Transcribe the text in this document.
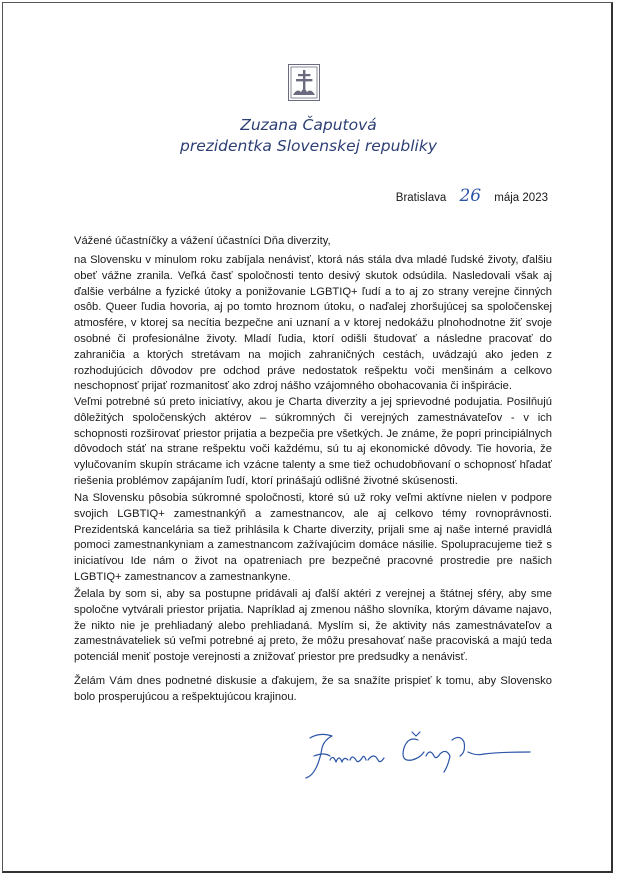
Zuzana Čaputová
prezidentka Slovenskej republiky
Bratislava 26	mája 2023
Vážené účastníčky a vážení účastníci Dňa diverzity,

na Slovensku v minulom roku zabíjala nenávisť, ktorá nás stála dva mladé ľudské životy, ďalšiu obeť vážne zranila. Veľká časť spoločnosti tento desivý skutok odsúdila. Nasledovali však aj ďalšie verbálne a fyzické útoky a ponižovanie LGBTIQ+ ľudí a to aj zo strany verejne činných osôb. Queer ľudia hovoria, aj po tomto hroznom útoku, o naďalej zhoršujúcej sa spoločenskej atmosfére, v ktorej sa necítia bezpečne ani uznaní a v ktorej nedokážu plnohodnotne žiť svoje osobné či profesionálne životy. Mladí ľudia, ktorí odišli študovať a následne pracovať do zahraničia a ktorých stretávam na mojich zahraničných cestách, uvádzajú ako jeden z rozhodujúcich dôvodov pre odchod práve nedostatok rešpektu voči menšinám a celkovo neschopnosť prijať rozmanitosť ako zdroj nášho vzájomného obohacovania či inšpirácie.

Veľmi potrebné sú preto iniciatívy, akou je Charta diverzity a jej sprievodné podujatia. Posilňujú dôležitých spoločenských aktérov – súkromných či verejných zamestnávateľov - v ich schopnosti rozširovať priestor prijatia a bezpečia pre všetkých. Je známe, že popri principiálnych dôvodoch stáť na strane rešpektu voči každému, sú tu aj ekonomické dôvody. Tie hovoria, že vylučovaním skupín strácame ich vzácne talenty a sme tiež ochudobňovaní o schopnosť hľadať riešenia problémov zapájaním ľudí, ktorí prinášajú odlišné životné skúsenosti.

Na Slovensku pôsobia súkromné spoločnosti, ktoré sú už roky veľmi aktívne nielen v podpore svojich LGBTIQ+ zamestnankýň a zamestnancov, ale aj celkovo témy rovnoprávnosti. Prezidentská kancelária sa tiež prihlásila k Charte diverzity, prijali sme aj naše interné pravidlá pomoci zamestnankyniam a zamestnancom zažívajúcim domáce násilie. Spolupracujeme tiež s iniciatívou Ide nám o život na opatreniach pre bezpečné pracovné prostredie pre našich LGBTIQ+ zamestnancov a zamestnankyne.

Želala by som si, aby sa postupne pridávali aj ďalší aktéri z verejnej a štátnej sféry, aby sme spoločne vytvárali priestor prijatia. Napríklad aj zmenou nášho slovníka, ktorým dávame najavo, že nikto nie je prehliadaný alebo prehliadaná. Myslím si, že aktivity nás zamestnávateľov a zamestnávateliek sú veľmi potrebné aj preto, že môžu presahovať naše pracoviská a majú teda potenciál meniť postoje verejnosti a znižovať priestor pre predsudky a nenávisť.

Želám Vám dnes podnetné diskusie a ďakujem, že sa snažíte prispieť k tomu, aby Slovensko bolo prosperujúcou a rešpektujúcou krajinou.
